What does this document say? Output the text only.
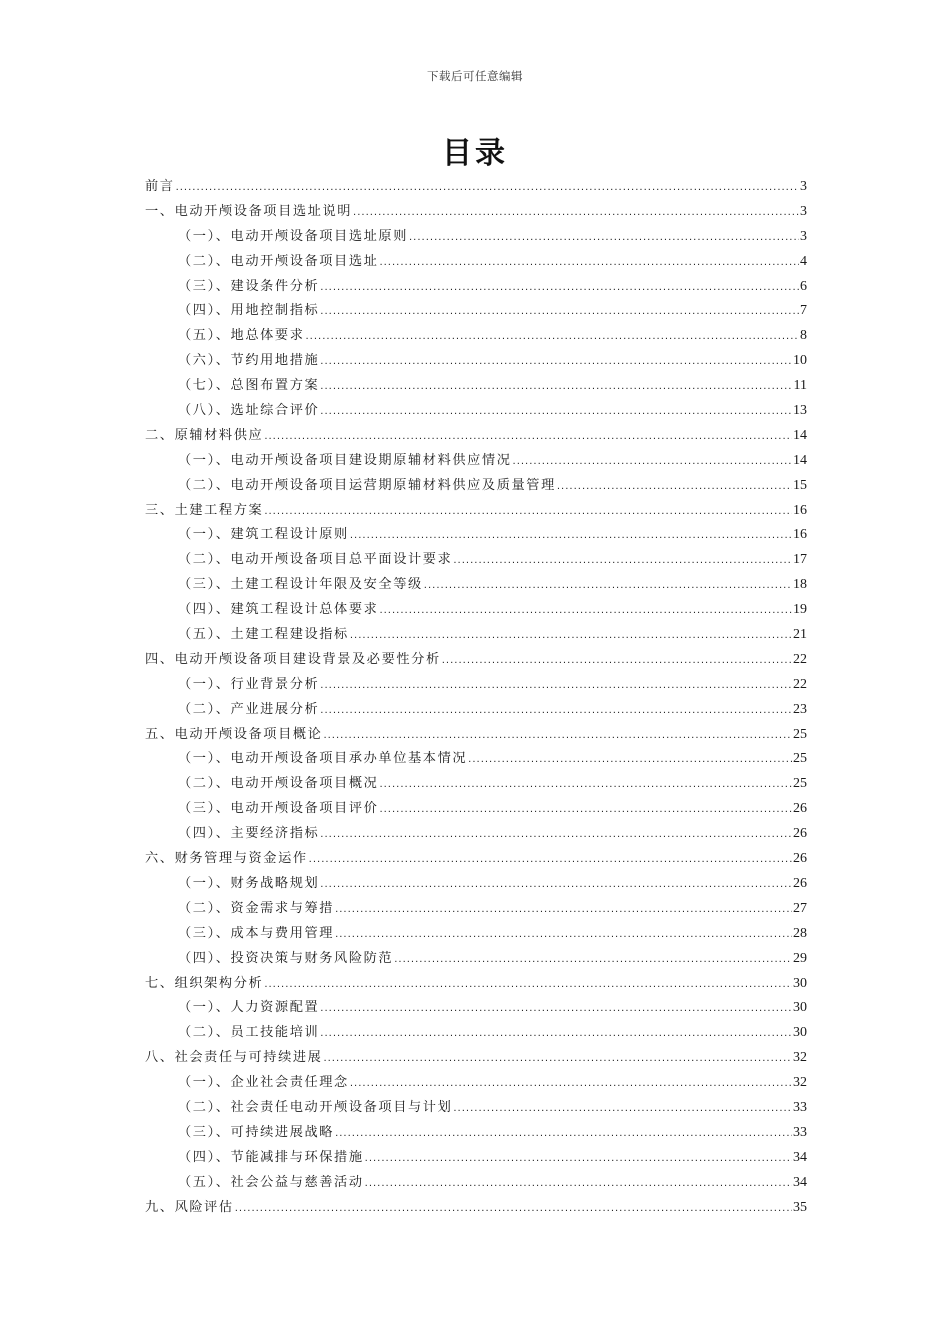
下载后可任意编辑
目录
前言 .....	3
一、电动开颅设备项目选址说明 .....	3
（一）、电动开颅设备项目选址原则 .....	3
（二）、电动开颅设备项目选址 .....	4
（三）、建设条件分析 .....	6
（四）、用地控制指标 .....	7
（五）、地总体要求 .....	8
（六）、节约用地措施 .....	10
（七）、总图布置方案 .....	11
（八）、选址综合评价 .....	13
二、原辅材料供应 .....	14
（一）、电动开颅设备项目建设期原辅材料供应情况 .....	14
（二）、电动开颅设备项目运营期原辅材料供应及质量管理 .....	15
三、土建工程方案 .....	16
（一）、建筑工程设计原则 .....	16
（二）、电动开颅设备项目总平面设计要求 .....	17
（三）、土建工程设计年限及安全等级 .....	18
（四）、建筑工程设计总体要求 .....	19
（五）、土建工程建设指标 .....	21
四、电动开颅设备项目建设背景及必要性分析 .....	22
（一）、行业背景分析 .....	22
（二）、产业进展分析 .....	23
五、电动开颅设备项目概论 .....	25
（一）、电动开颅设备项目承办单位基本情况 .....	25
（二）、电动开颅设备项目概况 .....	25
（三）、电动开颅设备项目评价 .....	26
（四）、主要经济指标 .....	26
六、财务管理与资金运作 .....	26
（一）、财务战略规划 .....	26
（二）、资金需求与筹措 .....	27
（三）、成本与费用管理 .....	28
（四）、投资决策与财务风险防范 .....	29
七、组织架构分析 .....	30
（一）、人力资源配置 .....	30
（二）、员工技能培训 .....	30
八、社会责任与可持续进展 .....	32
（一）、企业社会责任理念 .....	32
（二）、社会责任电动开颅设备项目与计划 .....	33
（三）、可持续进展战略 .....	33
（四）、节能减排与环保措施 .....	34
（五）、社会公益与慈善活动 .....	34
九、风险评估 .....	35
